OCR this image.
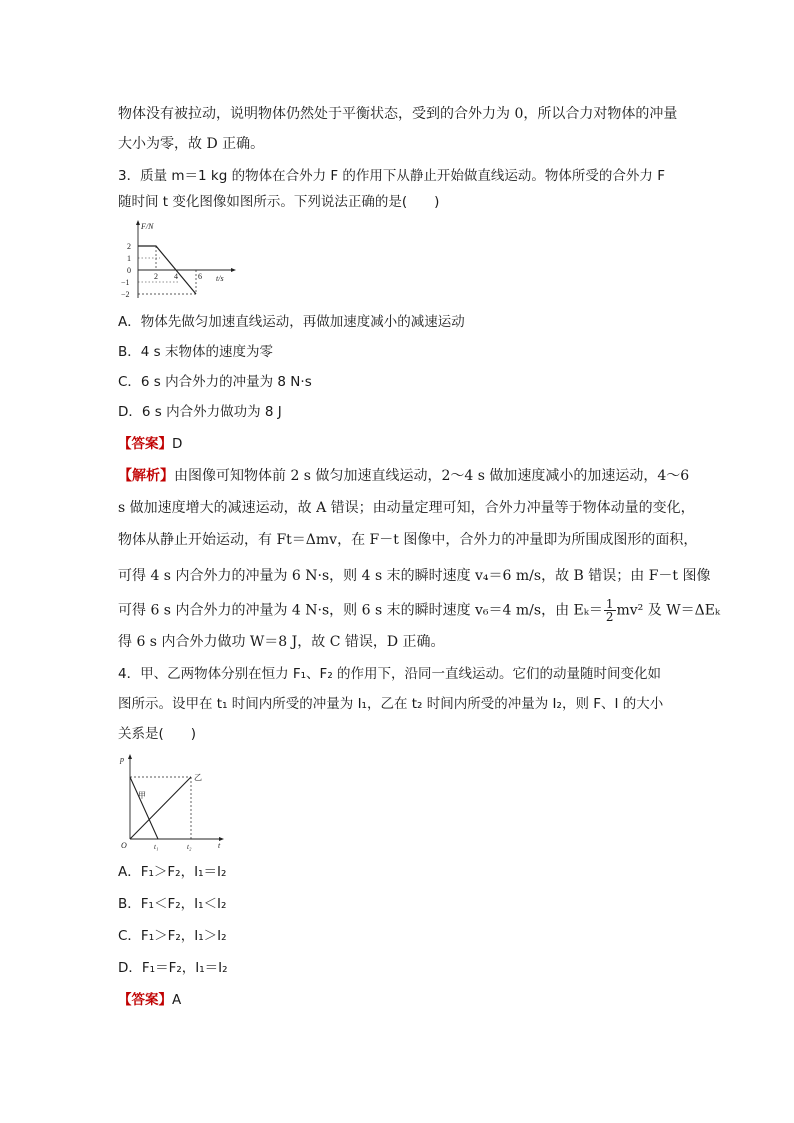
物体没有被拉动，说明物体仍然处于平衡状态，受到的合外力为 0，所以合力对物体的冲量
大小为零，故 D 正确。
3．质量 m＝1 kg 的物体在合外力 F 的作用下从静止开始做直线运动。物体所受的合外力 F
随时间 t 变化图像如图所示。下列说法正确的是(　　)
F/N
t/s
2
1
0
−1
−2
2 4	6
A．物体先做匀加速直线运动，再做加速度减小的减速运动
B．4 s 末物体的速度为零
C．6 s 内合外力的冲量为 8 N·s
D．6 s 内合外力做功为 8 J
【答案】D
【解析】由图像可知物体前 2 s 做匀加速直线运动，2～4 s 做加速度减小的加速运动，4～6
s 做加速度增大的减速运动，故 A 错误；由动量定理可知，合外力冲量等于物体动量的变化，
物体从静止开始运动，有 Ft＝Δmv，在 F－t 图像中，合外力的冲量即为所围成图形的面积，
可得 4 s 内合外力的冲量为 6 N·s，则 4 s 末的瞬时速度 v₄＝6 m/s，故 B 错误；由 F－t 图像
可得 6 s 内合外力的冲量为 4 N·s，则 6 s 末的瞬时速度 v₆＝4 m/s，由 $E_k= \frac{1}{2} mv^2$ 及 W＝ΔEₖ
得 6 s 内合外力做功 W＝8 J，故 C 错误，D 正确。
4．甲、乙两物体分别在恒力 F₁、F₂ 的作用下，沿同一直线运动。它们的动量随时间变化如
图所示。设甲在 t₁ 时间内所受的冲量为 I₁，乙在 t₂ 时间内所受的冲量为 I₂，则 F、I 的大小
关系是(　　)
p
t
O	t₁	t₂
甲
乙
A．F₁＞F₂，I₁＝I₂
B．F₁＜F₂，I₁＜I₂
C．F₁＞F₂，I₁＞I₂
D．F₁＝F₂，I₁＝I₂
【答案】A
